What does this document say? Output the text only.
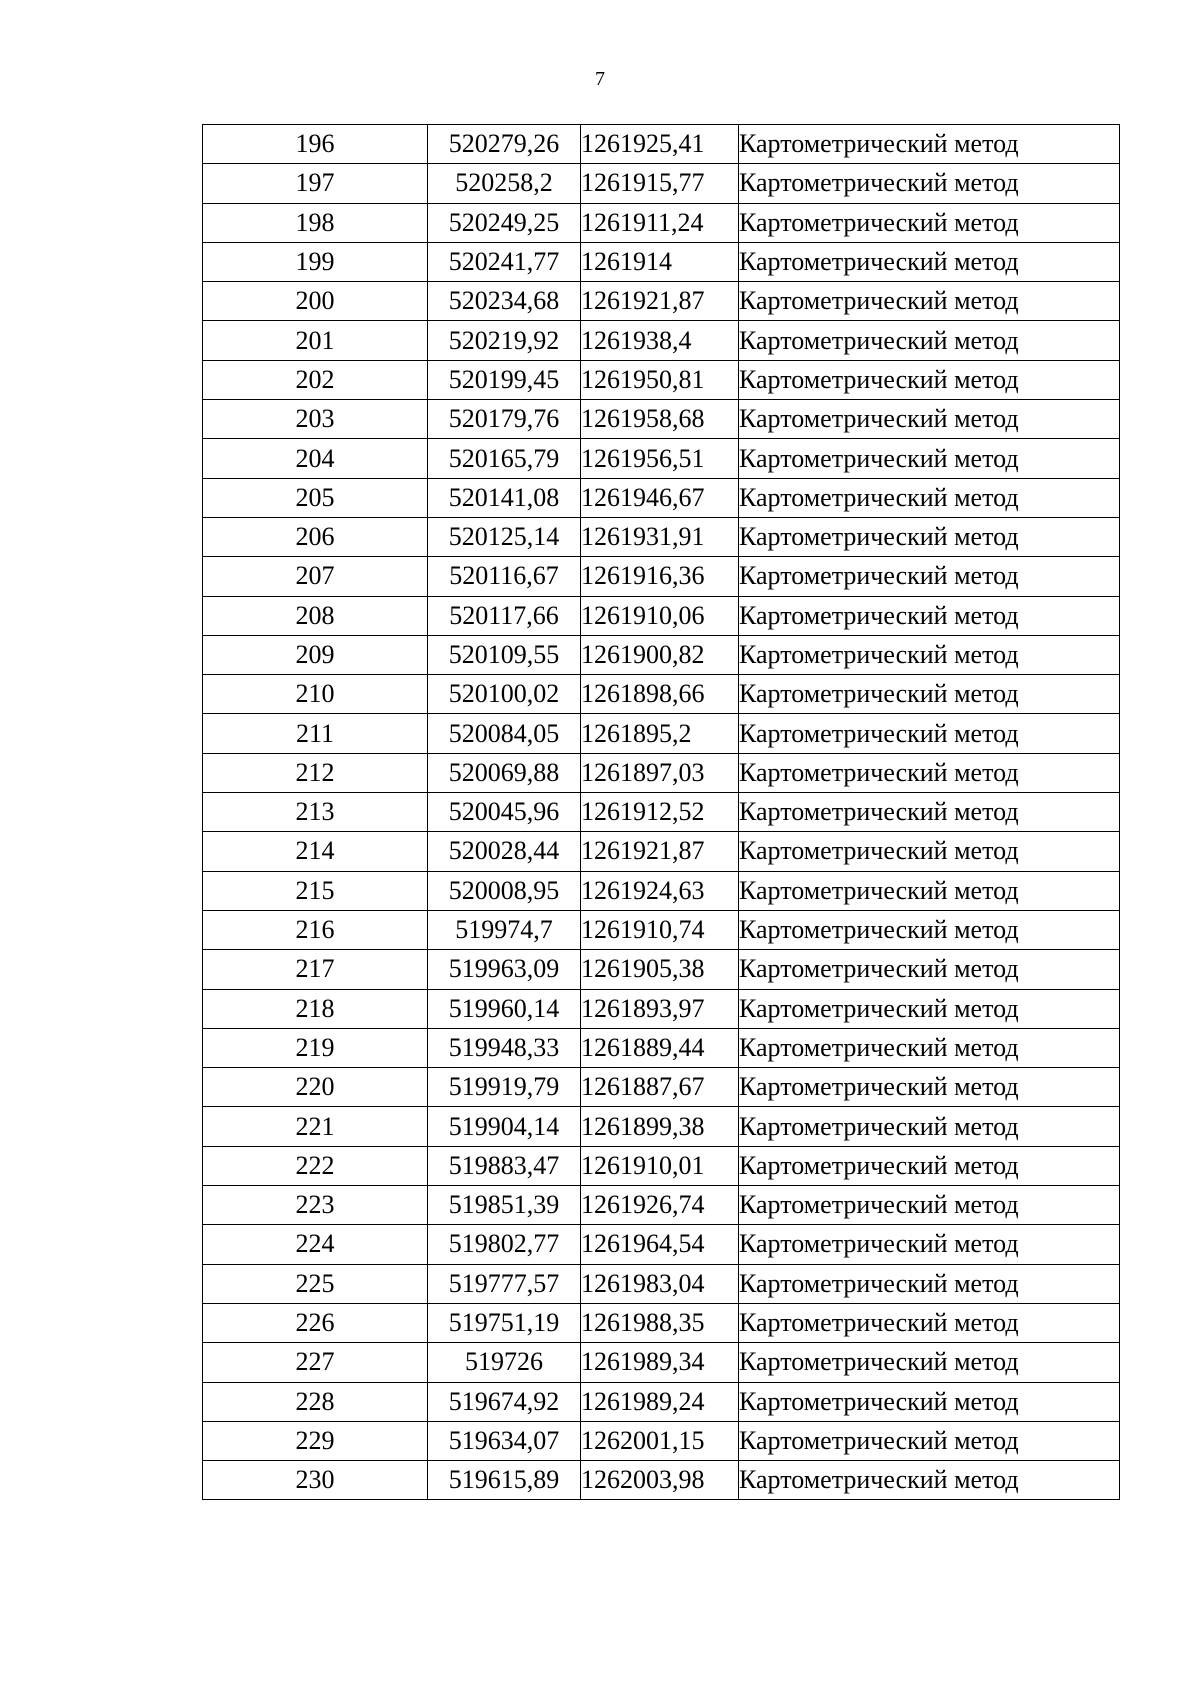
7
196	520279,26	1261925,41	Картометрический метод
197	520258,2	1261915,77	Картометрический метод
198	520249,25	1261911,24	Картометрический метод
199	520241,77	1261914	Картометрический метод
200	520234,68	1261921,87	Картометрический метод
201	520219,92	1261938,4	Картометрический метод
202	520199,45	1261950,81	Картометрический метод
203	520179,76	1261958,68	Картометрический метод
204	520165,79	1261956,51	Картометрический метод
205	520141,08	1261946,67	Картометрический метод
206	520125,14	1261931,91	Картометрический метод
207	520116,67	1261916,36	Картометрический метод
208	520117,66	1261910,06	Картометрический метод
209	520109,55	1261900,82	Картометрический метод
210	520100,02	1261898,66	Картометрический метод
211	520084,05	1261895,2	Картометрический метод
212	520069,88	1261897,03	Картометрический метод
213	520045,96	1261912,52	Картометрический метод
214	520028,44	1261921,87	Картометрический метод
215	520008,95	1261924,63	Картометрический метод
216	519974,7	1261910,74	Картометрический метод
217	519963,09	1261905,38	Картометрический метод
218	519960,14	1261893,97	Картометрический метод
219	519948,33	1261889,44	Картометрический метод
220	519919,79	1261887,67	Картометрический метод
221	519904,14	1261899,38	Картометрический метод
222	519883,47	1261910,01	Картометрический метод
223	519851,39	1261926,74	Картометрический метод
224	519802,77	1261964,54	Картометрический метод
225	519777,57	1261983,04	Картометрический метод
226	519751,19	1261988,35	Картометрический метод
227	519726	1261989,34	Картометрический метод
228	519674,92	1261989,24	Картометрический метод
229	519634,07	1262001,15	Картометрический метод
230	519615,89	1262003,98	Картометрический метод
